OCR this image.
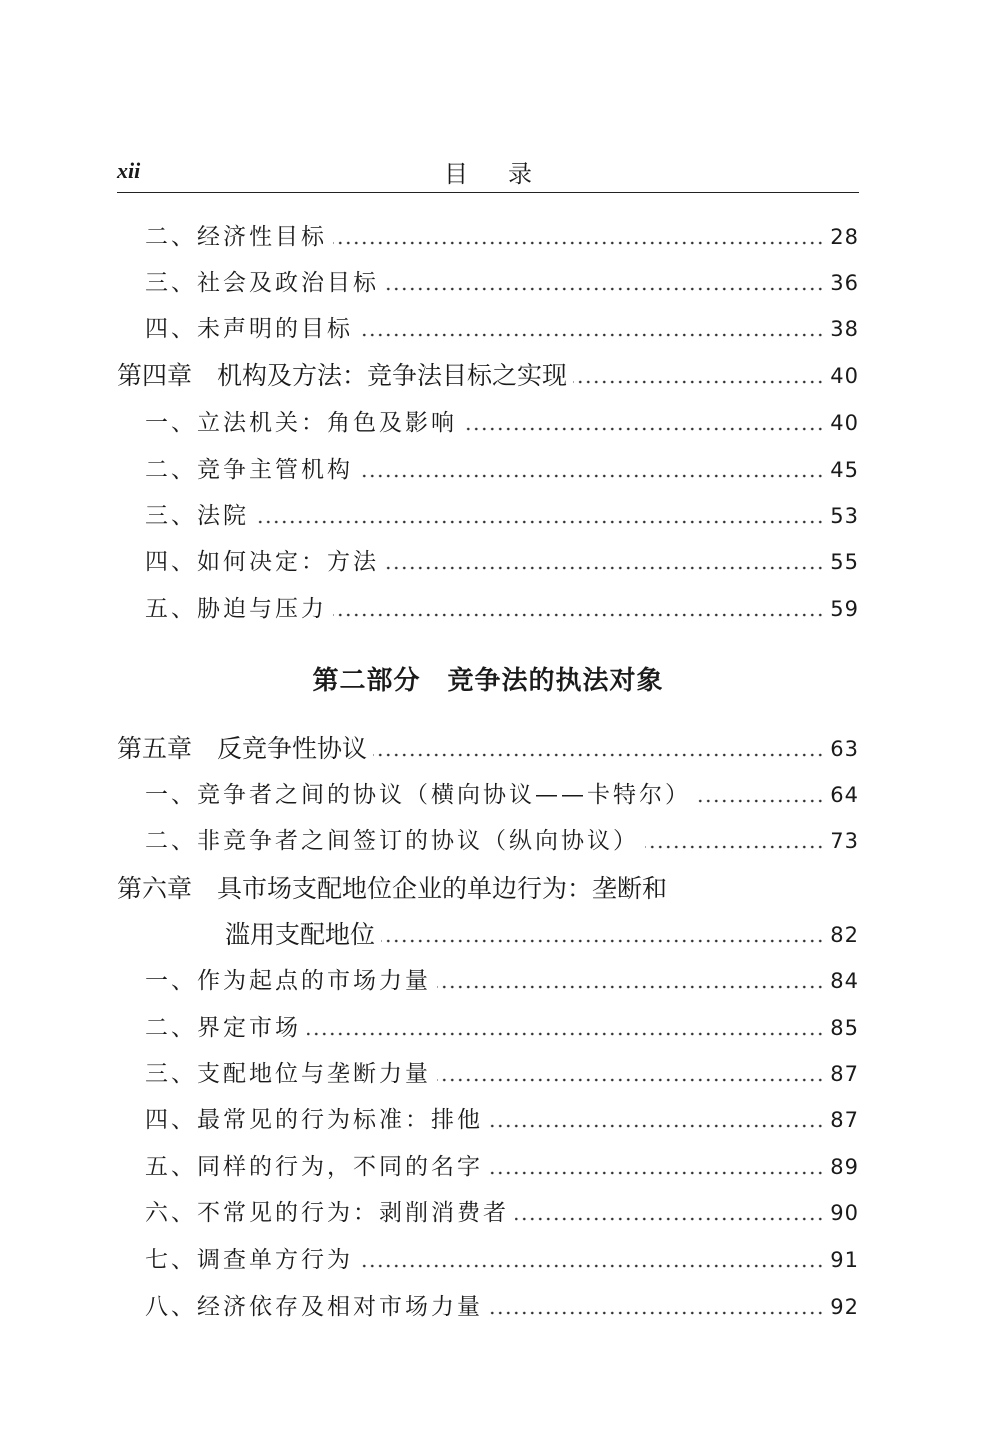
xii	目录
二、经济性目标	28
三、社会及政治目标	36
四、未声明的目标	38
第四章　机构及方法：竞争法目标之实现	40
一、立法机关：角色及影响	40
二、竞争主管机构	45
三、法院	53
四、如何决定：方法	55
五、胁迫与压力	59
第五章　反竞争性协议	63
一、竞争者之间的协议（横向协议——卡特尔）	64
二、非竞争者之间签订的协议（纵向协议）	73
第六章　具市场支配地位企业的单边行为：垄断和
滥用支配地位	82
一、作为起点的市场力量	84
二、界定市场	85
三、支配地位与垄断力量	87
四、最常见的行为标准：排他	87
五、同样的行为，不同的名字	89
六、不常见的行为：剥削消费者	90
七、调查单方行为	91
八、经济依存及相对市场力量	92
第二部分　竞争法的执法对象
